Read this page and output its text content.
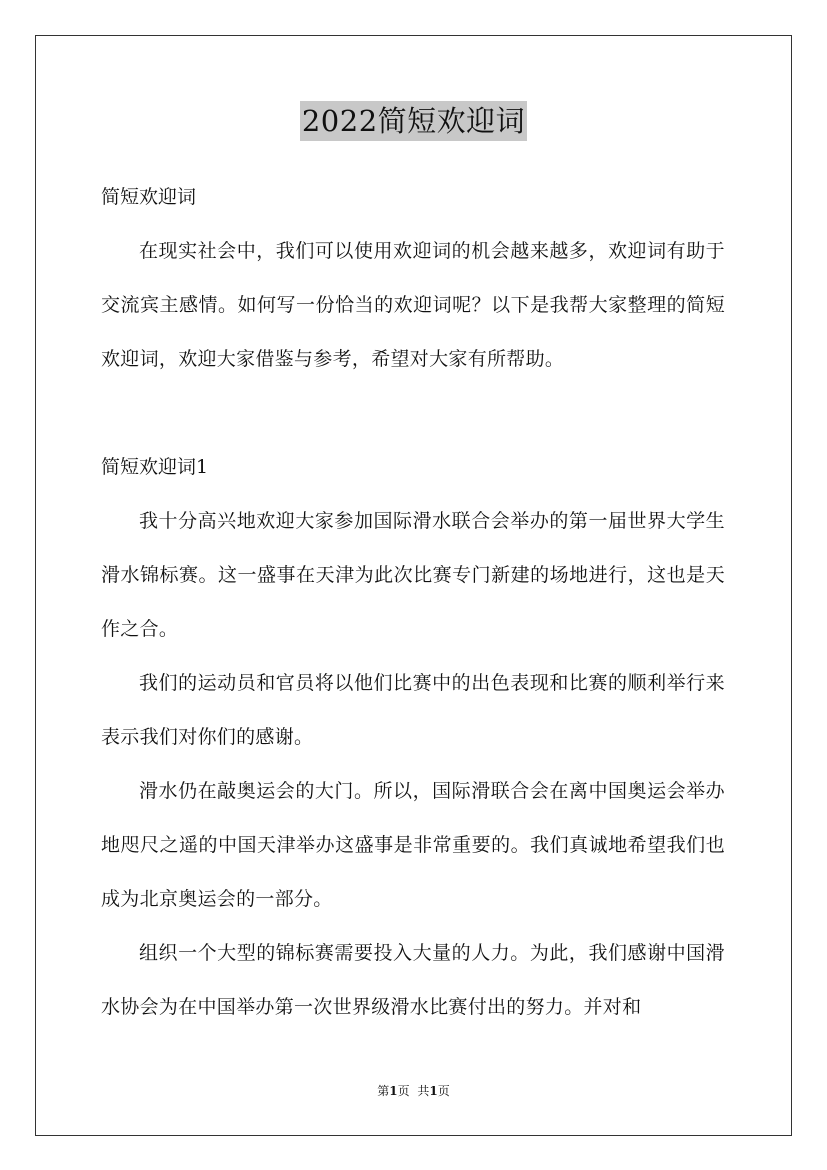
2022简短欢迎词

简短欢迎词

在现实社会中，我们可以使用欢迎词的机会越来越多，欢迎词有助于交流宾主感情。如何写一份恰当的欢迎词呢？以下是我帮大家整理的简短欢迎词，欢迎大家借鉴与参考，希望对大家有所帮助。

简短欢迎词1

我十分高兴地欢迎大家参加国际滑水联合会举办的第一届世界大学生滑水锦标赛。这一盛事在天津为此次比赛专门新建的场地进行，这也是天作之合。

我们的运动员和官员将以他们比赛中的出色表现和比赛的顺利举行来表示我们对你们的感谢。

滑水仍在敲奥运会的大门。所以，国际滑联合会在离中国奥运会举办地咫尺之遥的中国天津举办这盛事是非常重要的。我们真诚地希望我们也成为北京奥运会的一部分。

组织一个大型的锦标赛需要投入大量的人力。为此，我们感谢中国滑水协会为在中国举办第一次世界级滑水比赛付出的努力。并对和

第1页 共1页
